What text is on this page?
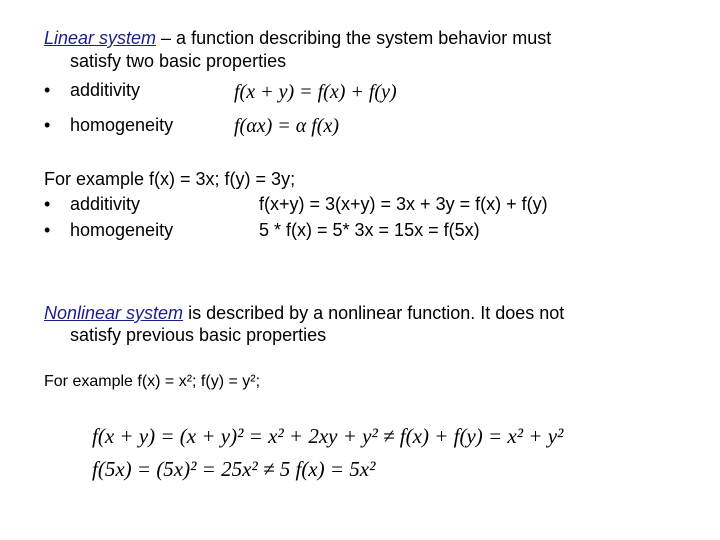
Linear system – a function describing the system behavior must
satisfy two basic properties
• additivity	f(x + y) = f(x) + f(y)
• homogeneity	f(αx) = α f(x)
For example f(x) = 3x; f(y) = 3y;
• additivity	f(x+y) = 3(x+y) = 3x + 3y = f(x) + f(y)
• homogeneity	5 * f(x) = 5* 3x = 15x = f(5x)
Nonlinear system is described by a nonlinear function. It does not
satisfy previous basic properties
For example f(x) = x²; f(y) = y²;
f(x + y) = (x + y)² = x² + 2xy + y² ≠ f(x) + f(y) = x² + y²
f(5x) = (5x)² = 25x² ≠ 5 f(x) = 5x²
